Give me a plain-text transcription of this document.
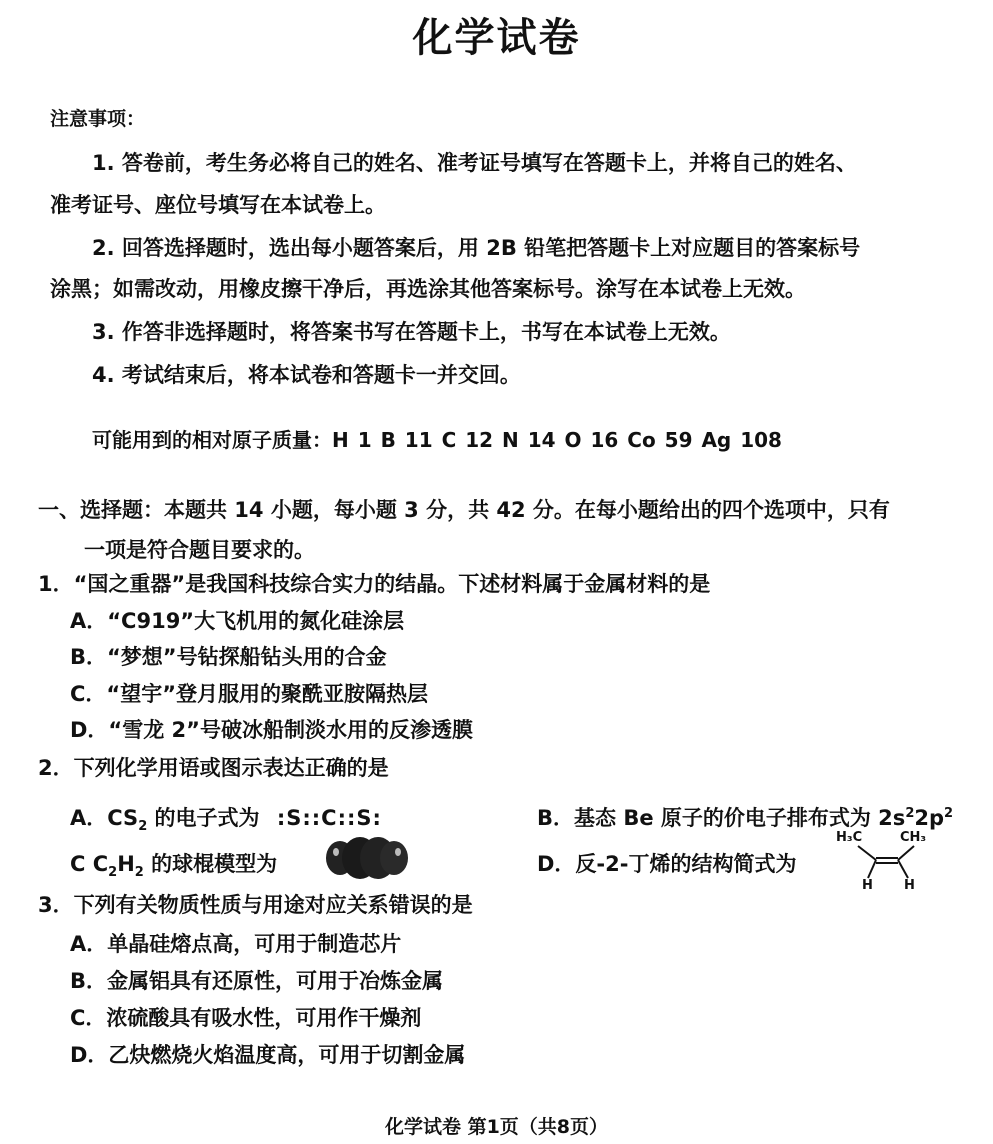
化学试卷
注意事项：
1. 答卷前，考生务必将自己的姓名、准考证号填写在答题卡上，并将自己的姓名、
准考证号、座位号填写在本试卷上。
2. 回答选择题时，选出每小题答案后，用 2B 铅笔把答题卡上对应题目的答案标号
涂黑；如需改动，用橡皮擦干净后，再选涂其他答案标号。涂写在本试卷上无效。
3. 作答非选择题时，将答案书写在答题卡上，书写在本试卷上无效。
4. 考试结束后，将本试卷和答题卡一并交回。
可能用到的相对原子质量：H 1 B 11 C 12 N 14 O 16 Co 59 Ag 108
一、选择题：本题共 14 小题，每小题 3 分，共 42 分。在每小题给出的四个选项中，只有
一项是符合题目要求的。
1．“国之重器”是我国科技综合实力的结晶。下述材料属于金属材料的是
A．“C919”大飞机用的氮化硅涂层
B．“梦想”号钻探船钻头用的合金
C．“望宇”登月服用的聚酰亚胺隔热层
D．“雪龙 2”号破冰船制淡水用的反渗透膜
2．下列化学用语或图示表达正确的是
A．$CS_2$ 的电子式为 :S::C::S:	B．基态 Be 原子的价电子排布式为 $2s^22p^2$
C $C_2H_2$ 的球棍模型为	D．反-2-丁烯的结构简式为
H₃C	CH₃
H H
3．下列有关物质性质与用途对应关系错误的是
A．单晶硅熔点高，可用于制造芯片
B．金属铝具有还原性，可用于冶炼金属
C．浓硫酸具有吸水性，可用作干燥剂
D．乙炔燃烧火焰温度高，可用于切割金属
化学试卷 第1页（共8页）
